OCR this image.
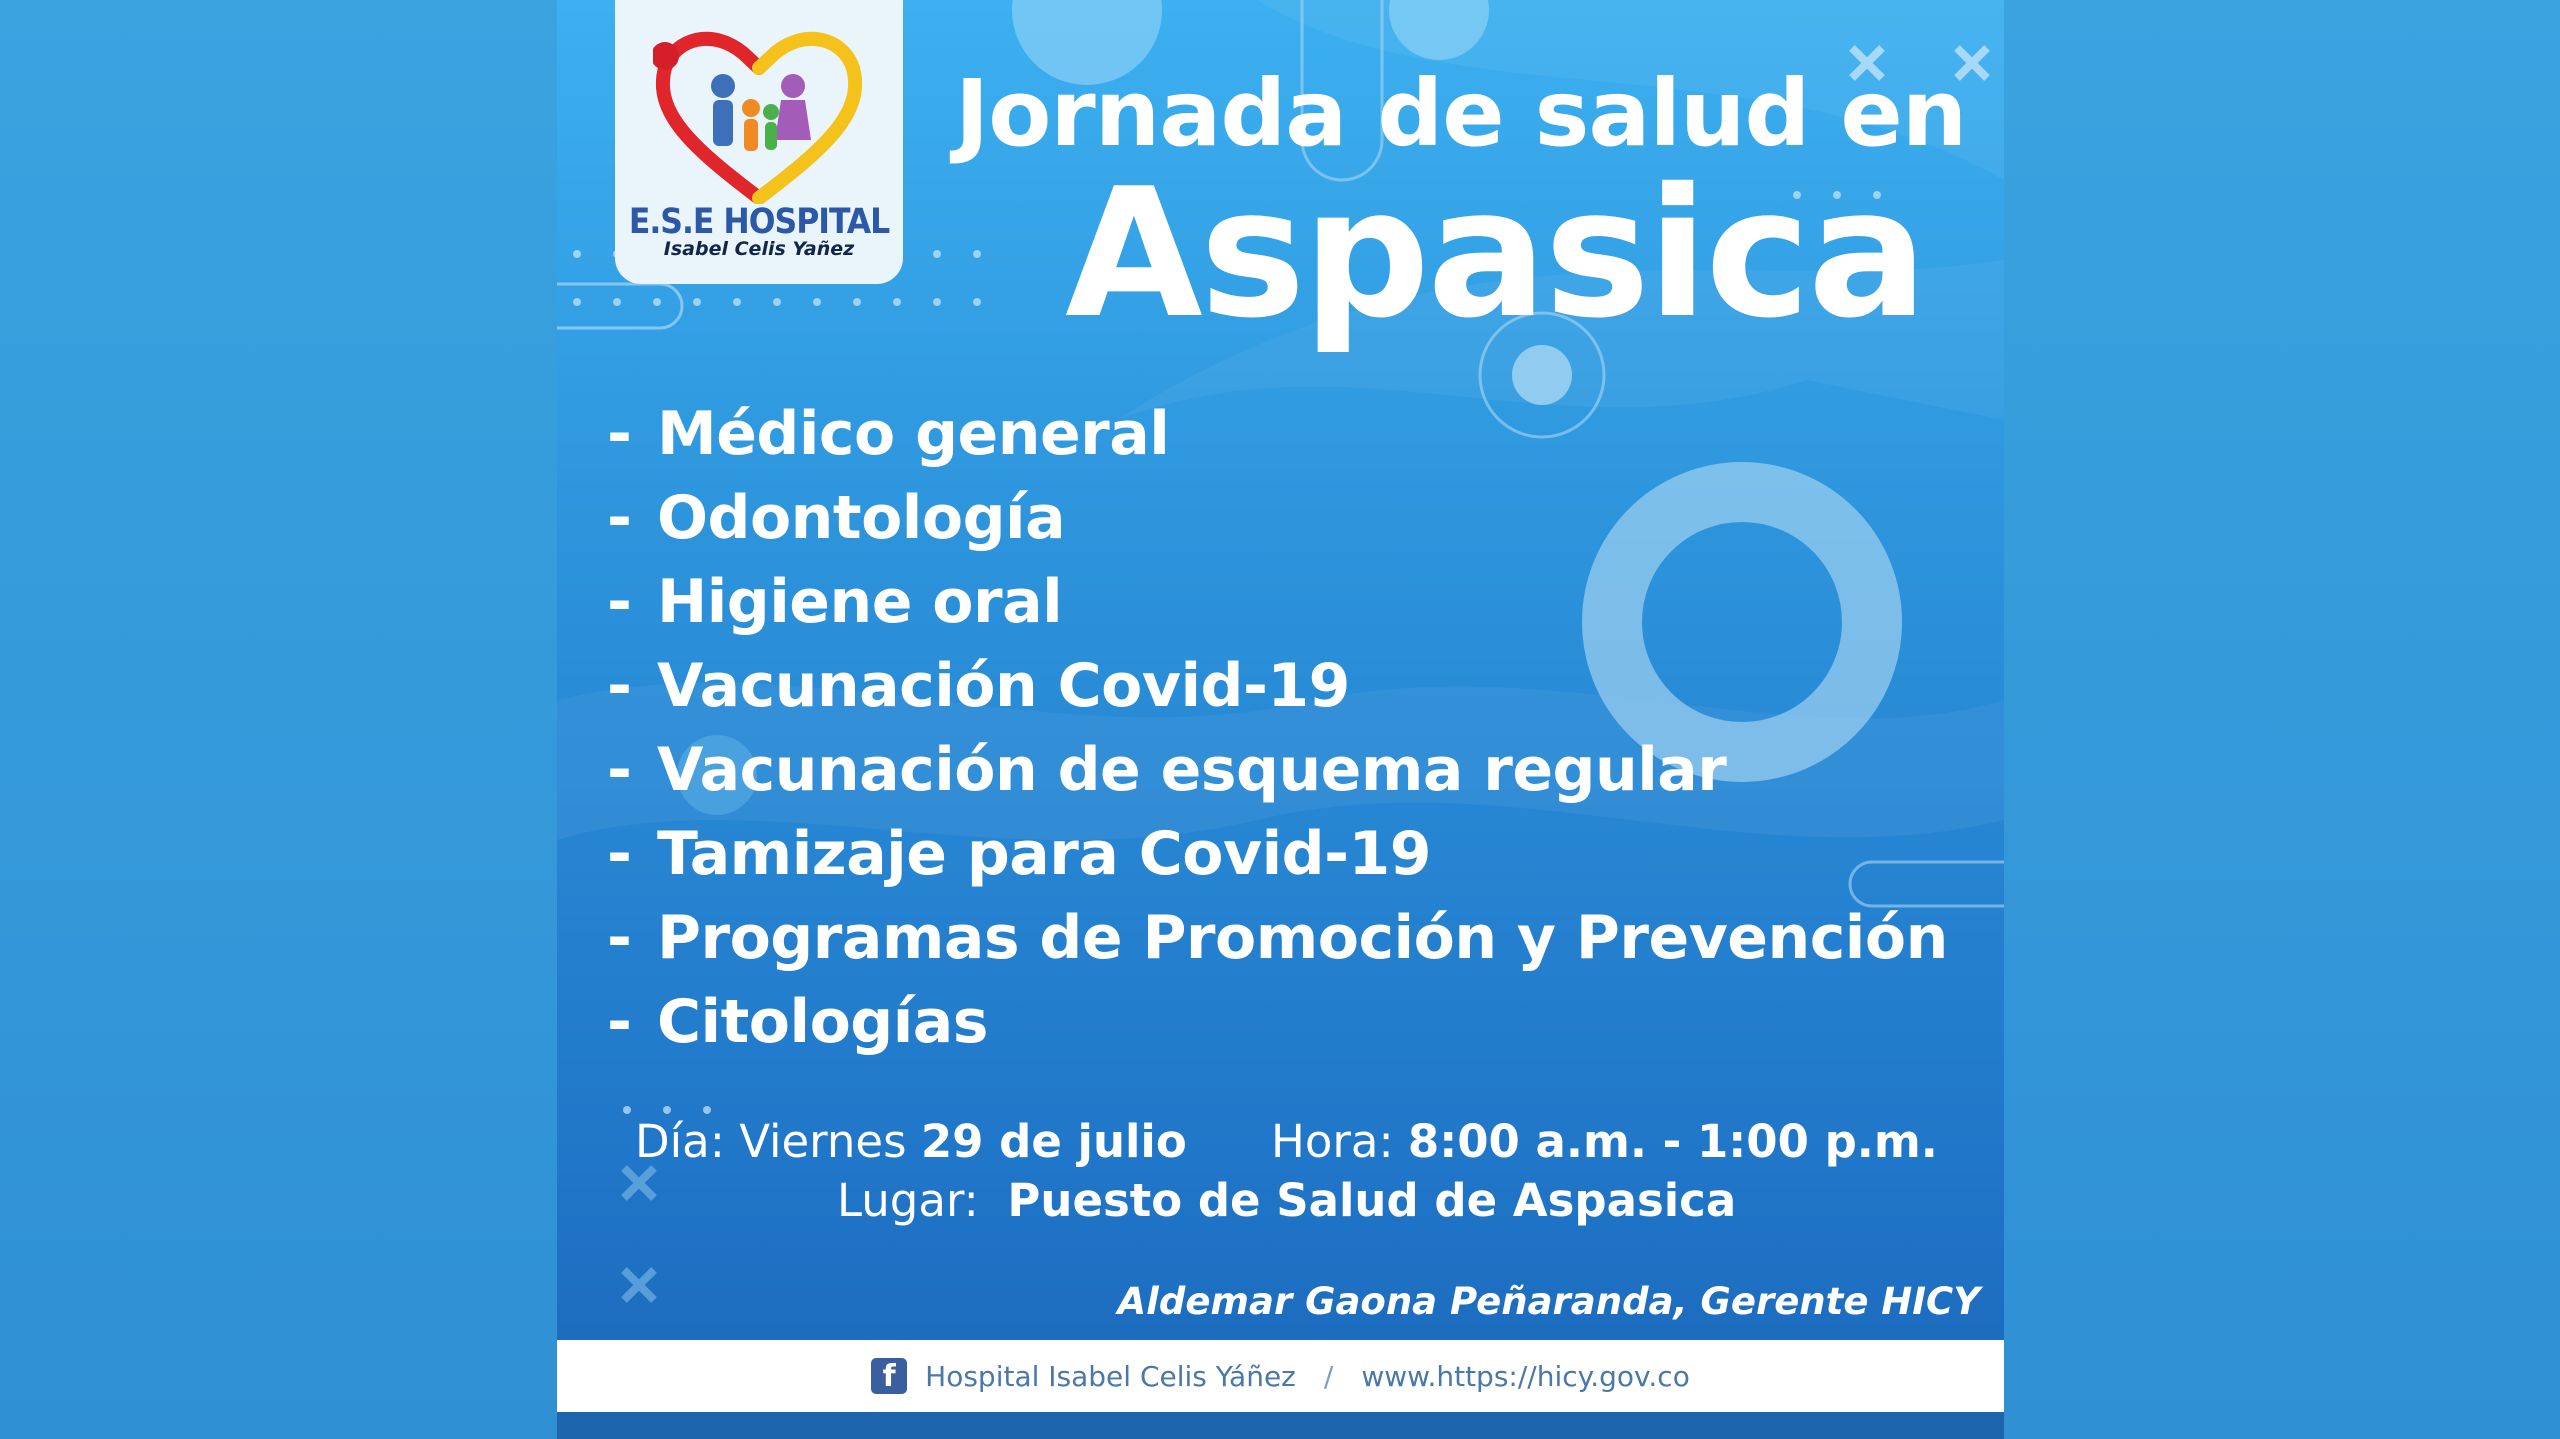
E.S.E HOSPITAL
Isabel Celis Yañez
Jornada de salud en
Aspasica
- Médico general
- Odontología
- Higiene oral
- Vacunación Covid-19
- Vacunación de esquema regular
- Tamizaje para Covid-19
- Programas de Promoción y Prevención
- Citologías
Día: Viernes 29 de julio Hora: 8:00 a.m. - 1:00 p.m.
Lugar: Puesto de Salud de Aspasica
Aldemar Gaona Peñaranda, Gerente HICY
f	Hospital Isabel Celis Yáñez / www.https://hicy.gov.co
